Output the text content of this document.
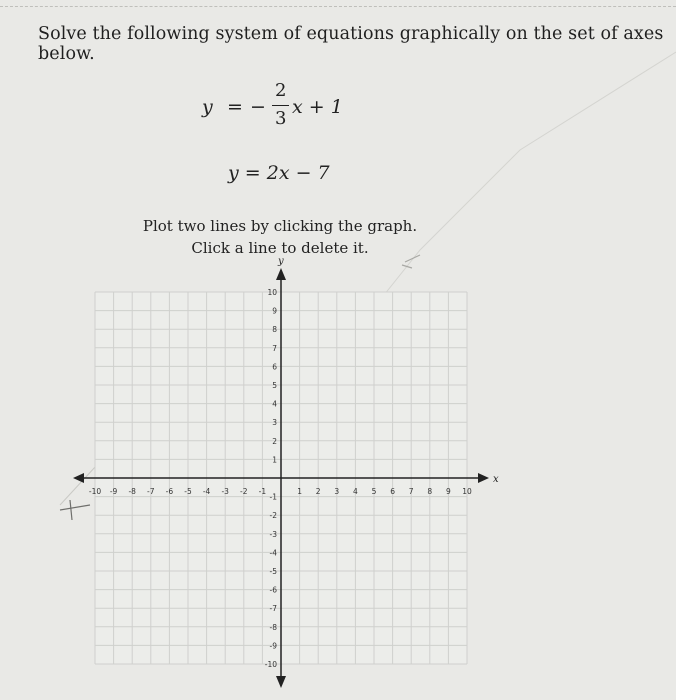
Solve the following system of equations graphically on the set of axes below.
y = −
2
3
x + 1
y = 2x − 7
Plot two lines by clicking the graph.
Click a line to delete it.
x
y
-10 -9 -8 -7 -6 -5 -4 -3 -2 -1	1 2 3 4 5 6 7 8 9 10
10
9
8
7
6
5
4
3
2
1
-1
-2
-3
-4
-5
-6
-7
-8
-9
-10
